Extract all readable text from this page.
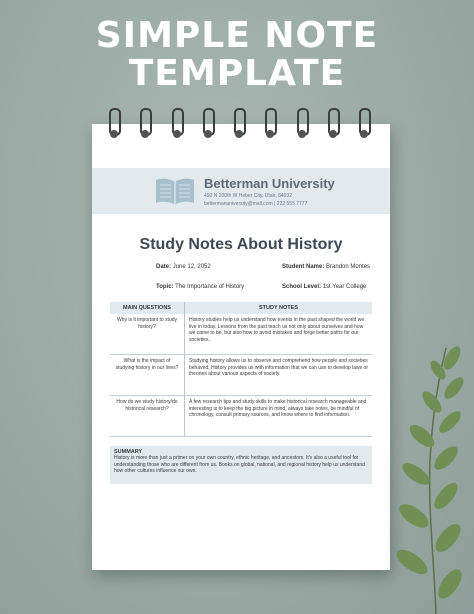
SIMPLE NOTE
TEMPLATE
Betterman University
492 N 200th W Heber City, Utah, 84032
bettermanuniversity@mail.com | 222 555 7777
Study Notes About History
Date: June 12, 2052	Student Name: Brandon Montes
Topic: The Importance of History	School Level: 1st Year College
MAIN QUESTIONS	STUDY NOTES
Why is it important to study history?	History studies help us understand how events in the past shaped the world we live in today. Lessons from the past teach us not only about ourselves and how we came to be, but also how to avoid mistakes and forge better paths for our societies.
What is the impact of studying history in our lives?	Studying history allows us to observe and comprehend how people and societies behaved. History provides us with information that we can use to develop laws or theories about various aspects of society.
How do we study history/do historical research?	A few research tips and study skills to make historical research manageable and interesting is to keep the big picture in mind, always take notes, be mindful of chronology, consult primary sources, and know where to find information.
SUMMARY
History is more than just a primer on your own country, ethnic heritage, and ancestors. It's also a useful tool for understanding those who are different from us. Books on global, national, and regional history help us understand how other cultures influence our own.
